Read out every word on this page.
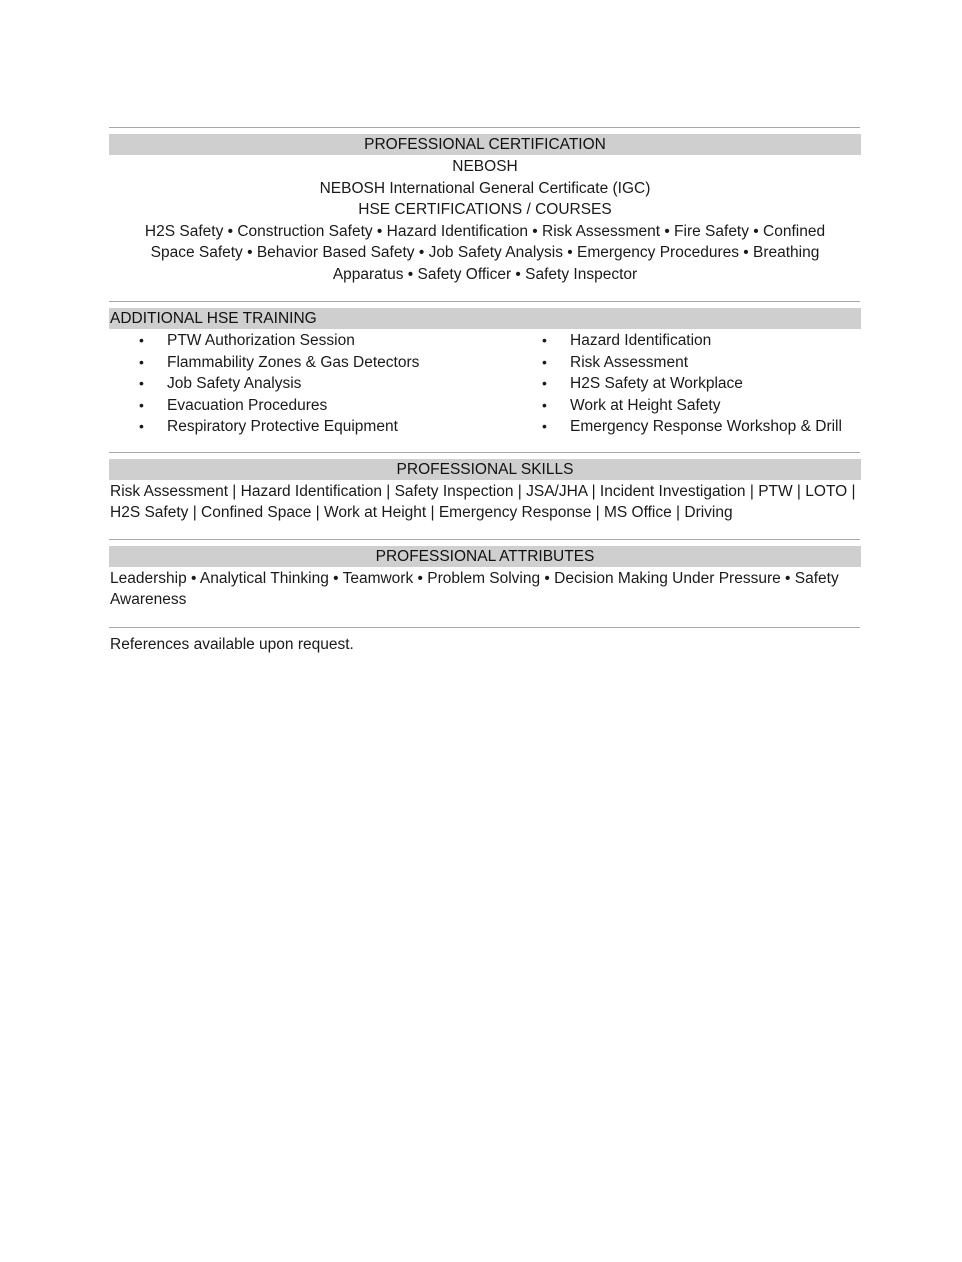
PROFESSIONAL CERTIFICATION
NEBOSH
NEBOSH International General Certificate (IGC)
HSE CERTIFICATIONS / COURSES
H2S Safety • Construction Safety • Hazard Identification • Risk Assessment • Fire Safety • Confined Space Safety • Behavior Based Safety • Job Safety Analysis • Emergency Procedures • Breathing Apparatus • Safety Officer • Safety Inspector
ADDITIONAL HSE TRAINING
• PTW Authorization Session
• Flammability Zones & Gas Detectors
• Job Safety Analysis
• Evacuation Procedures
• Respiratory Protective Equipment
• Hazard Identification
• Risk Assessment
• H2S Safety at Workplace
• Work at Height Safety
• Emergency Response Workshop & Drill
PROFESSIONAL SKILLS
Risk Assessment | Hazard Identification | Safety Inspection | JSA/JHA | Incident Investigation | PTW | LOTO | H2S Safety | Confined Space | Work at Height | Emergency Response | MS Office | Driving
PROFESSIONAL ATTRIBUTES
Leadership • Analytical Thinking • Teamwork • Problem Solving • Decision Making Under Pressure • Safety Awareness
References available upon request.
